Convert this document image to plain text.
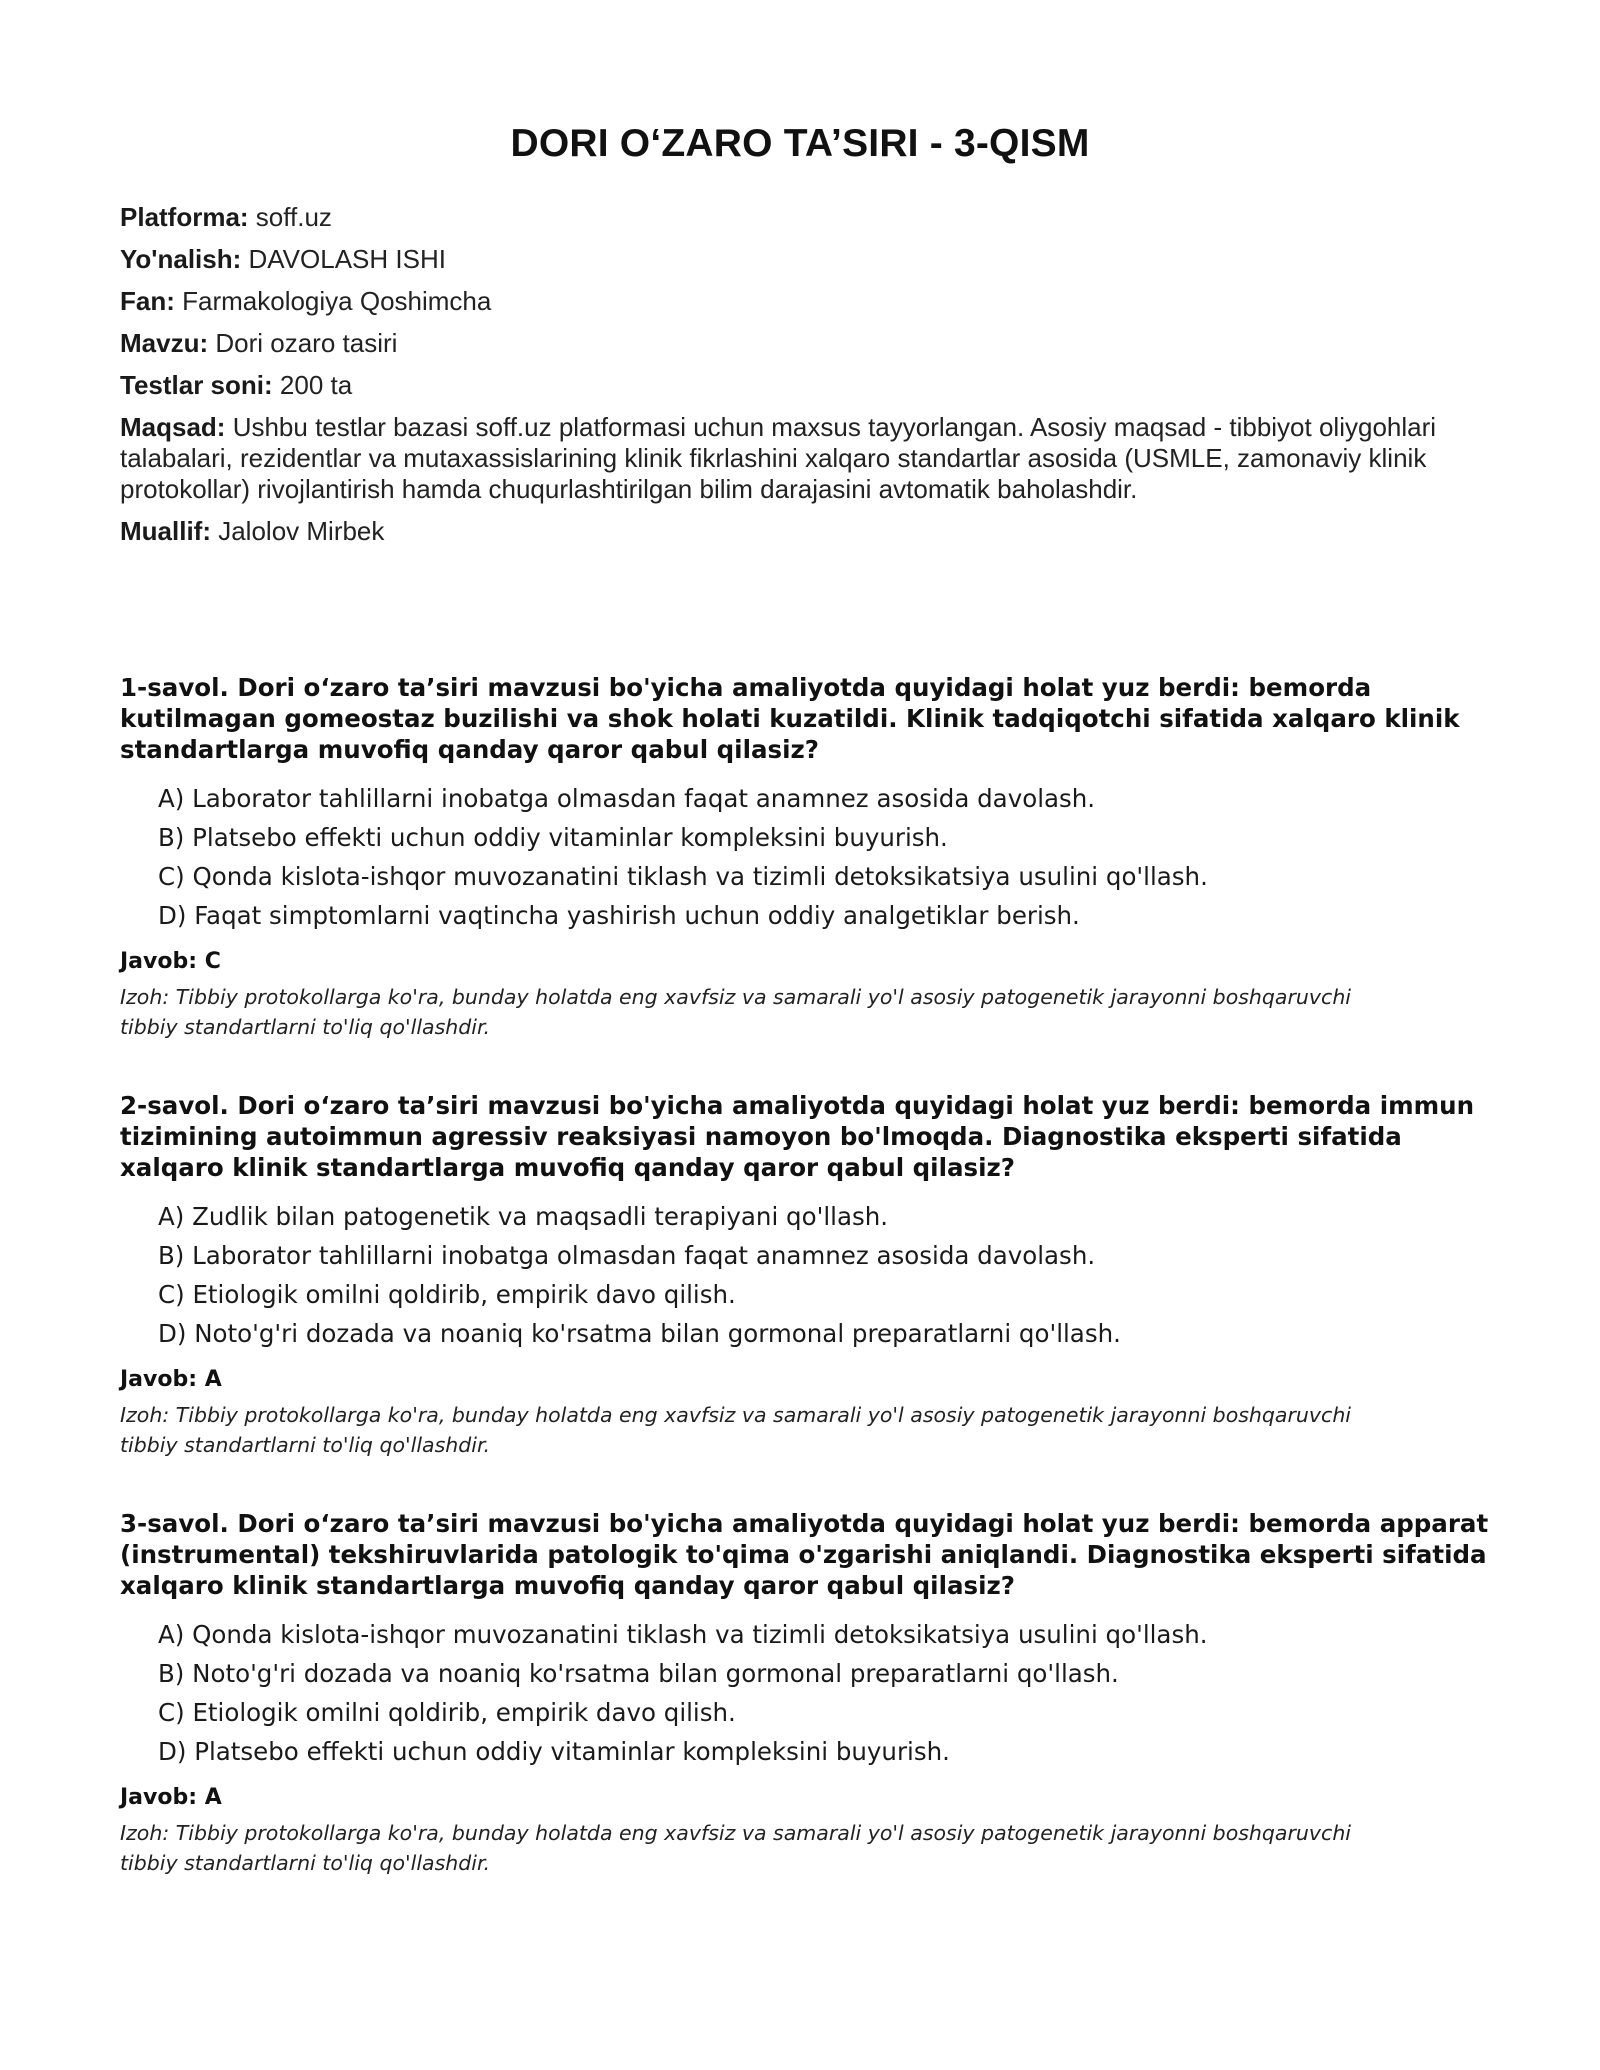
DORI O‘ZARO TA’SIRI - 3-QISM
Platforma: soff.uz
Yo'nalish: DAVOLASH ISHI
Fan: Farmakologiya Qoshimcha
Mavzu: Dori ozaro tasiri
Testlar soni: 200 ta
Maqsad: Ushbu testlar bazasi soff.uz platformasi uchun maxsus tayyorlangan. Asosiy maqsad - tibbiyot oliygohlari talabalari, rezidentlar va mutaxassislarining klinik fikrlashini xalqaro standartlar asosida (USMLE, zamonaviy klinik protokollar) rivojlantirish hamda chuqurlashtirilgan bilim darajasini avtomatik baholashdir.
Muallif: Jalolov Mirbek
1-savol. Dori o‘zaro ta’siri mavzusi bo'yicha amaliyotda quyidagi holat yuz berdi: bemorda kutilmagan gomeostaz buzilishi va shok holati kuzatildi. Klinik tadqiqotchi sifatida xalqaro klinik standartlarga muvofiq qanday qaror qabul qilasiz?
A) Laborator tahlillarni inobatga olmasdan faqat anamnez asosida davolash.
B) Platsebo effekti uchun oddiy vitaminlar kompleksini buyurish.
C) Qonda kislota-ishqor muvozanatini tiklash va tizimli detoksikatsiya usulini qo'llash.
D) Faqat simptomlarni vaqtincha yashirish uchun oddiy analgetiklar berish.
Javob: C
Izoh: Tibbiy protokollarga ko'ra, bunday holatda eng xavfsiz va samarali yo'l asosiy patogenetik jarayonni boshqaruvchi tibbiy standartlarni to'liq qo'llashdir.
2-savol. Dori o‘zaro ta’siri mavzusi bo'yicha amaliyotda quyidagi holat yuz berdi: bemorda immun tizimining autoimmun agressiv reaksiyasi namoyon bo'lmoqda. Diagnostika eksperti sifatida xalqaro klinik standartlarga muvofiq qanday qaror qabul qilasiz?
A) Zudlik bilan patogenetik va maqsadli terapiyani qo'llash.
B) Laborator tahlillarni inobatga olmasdan faqat anamnez asosida davolash.
C) Etiologik omilni qoldirib, empirik davo qilish.
D) Noto'g'ri dozada va noaniq ko'rsatma bilan gormonal preparatlarni qo'llash.
Javob: A
Izoh: Tibbiy protokollarga ko'ra, bunday holatda eng xavfsiz va samarali yo'l asosiy patogenetik jarayonni boshqaruvchi tibbiy standartlarni to'liq qo'llashdir.
3-savol. Dori o‘zaro ta’siri mavzusi bo'yicha amaliyotda quyidagi holat yuz berdi: bemorda apparat (instrumental) tekshiruvlarida patologik to'qima o'zgarishi aniqlandi. Diagnostika eksperti sifatida xalqaro klinik standartlarga muvofiq qanday qaror qabul qilasiz?
A) Qonda kislota-ishqor muvozanatini tiklash va tizimli detoksikatsiya usulini qo'llash.
B) Noto'g'ri dozada va noaniq ko'rsatma bilan gormonal preparatlarni qo'llash.
C) Etiologik omilni qoldirib, empirik davo qilish.
D) Platsebo effekti uchun oddiy vitaminlar kompleksini buyurish.
Javob: A
Izoh: Tibbiy protokollarga ko'ra, bunday holatda eng xavfsiz va samarali yo'l asosiy patogenetik jarayonni boshqaruvchi tibbiy standartlarni to'liq qo'llashdir.
